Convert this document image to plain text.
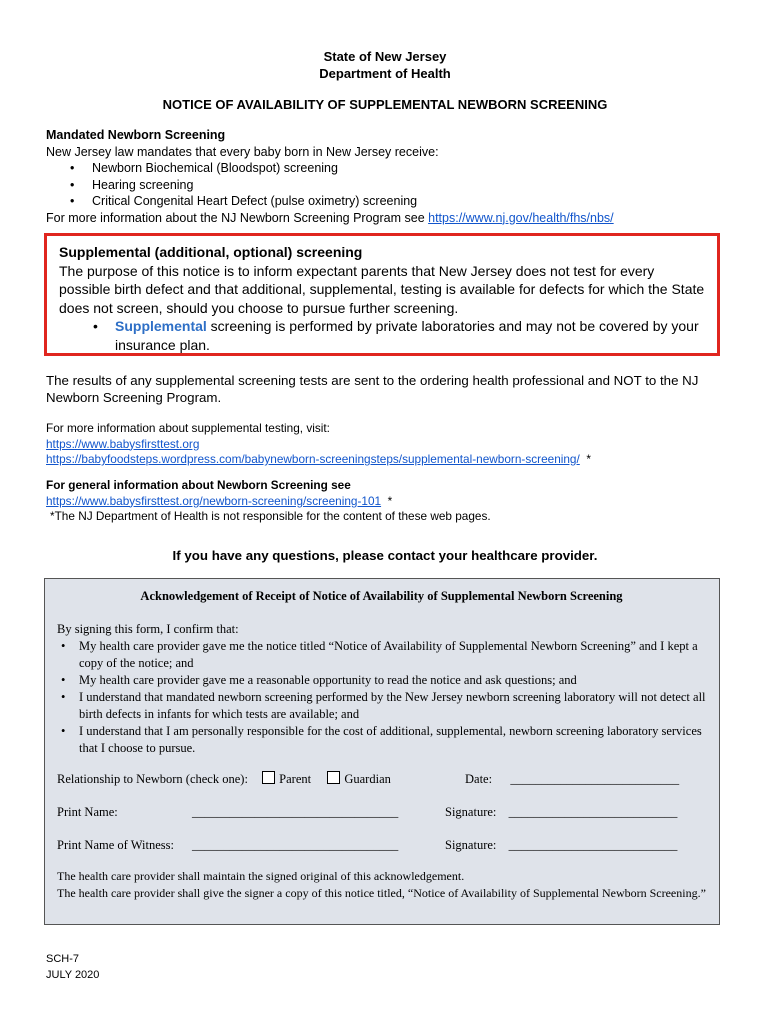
State of New Jersey
Department of Health
NOTICE OF AVAILABILITY OF SUPPLEMENTAL NEWBORN SCREENING
Mandated Newborn Screening
New Jersey law mandates that every baby born in New Jersey receive:
• Newborn Biochemical (Bloodspot) screening
• Hearing screening
• Critical Congenital Heart Defect (pulse oximetry) screening
For more information about the NJ Newborn Screening Program see https://www.nj.gov/health/fhs/nbs/
Supplemental (additional, optional) screening
The purpose of this notice is to inform expectant parents that New Jersey does not test for every possible birth defect and that additional, supplemental, testing is available for defects for which the State does not screen, should you choose to pursue further screening.
• Supplemental screening is performed by private laboratories and may not be covered by your insurance plan.
The results of any supplemental screening tests are sent to the ordering health professional and NOT to the NJ Newborn Screening Program.
For more information about supplemental testing, visit:
https://www.babysfirsttest.org
https://babyfoodsteps.wordpress.com/babynewborn-screeningsteps/supplemental-newborn-screening/  *
For general information about Newborn Screening see
https://www.babysfirsttest.org/newborn-screening/screening-101  *
*The NJ Department of Health is not responsible for the content of these web pages.
If you have any questions, please contact your healthcare provider.
Acknowledgement of Receipt of Notice of Availability of Supplemental Newborn Screening
By signing this form, I confirm that:
• My health care provider gave me the notice titled “Notice of Availability of Supplemental Newborn Screening” and I kept a copy of the notice; and
• My health care provider gave me a reasonable opportunity to read the notice and ask questions; and
• I understand that mandated newborn screening performed by the New Jersey newborn screening laboratory will not detect all birth defects in infants for which tests are available; and
• I understand that I am personally responsible for the cost of additional, supplemental, newborn screening laboratory services that I choose to pursue.
Relationship to Newborn (check one):	Parent	Guardian	Date: ___________________________
Print Name:	_________________________________	Signature: ___________________________
Print Name of Witness: _________________________________	Signature: ___________________________
The health care provider shall maintain the signed original of this acknowledgement.
The health care provider shall give the signer a copy of this notice titled, “Notice of Availability of Supplemental Newborn Screening.”
SCH-7
JULY 2020
